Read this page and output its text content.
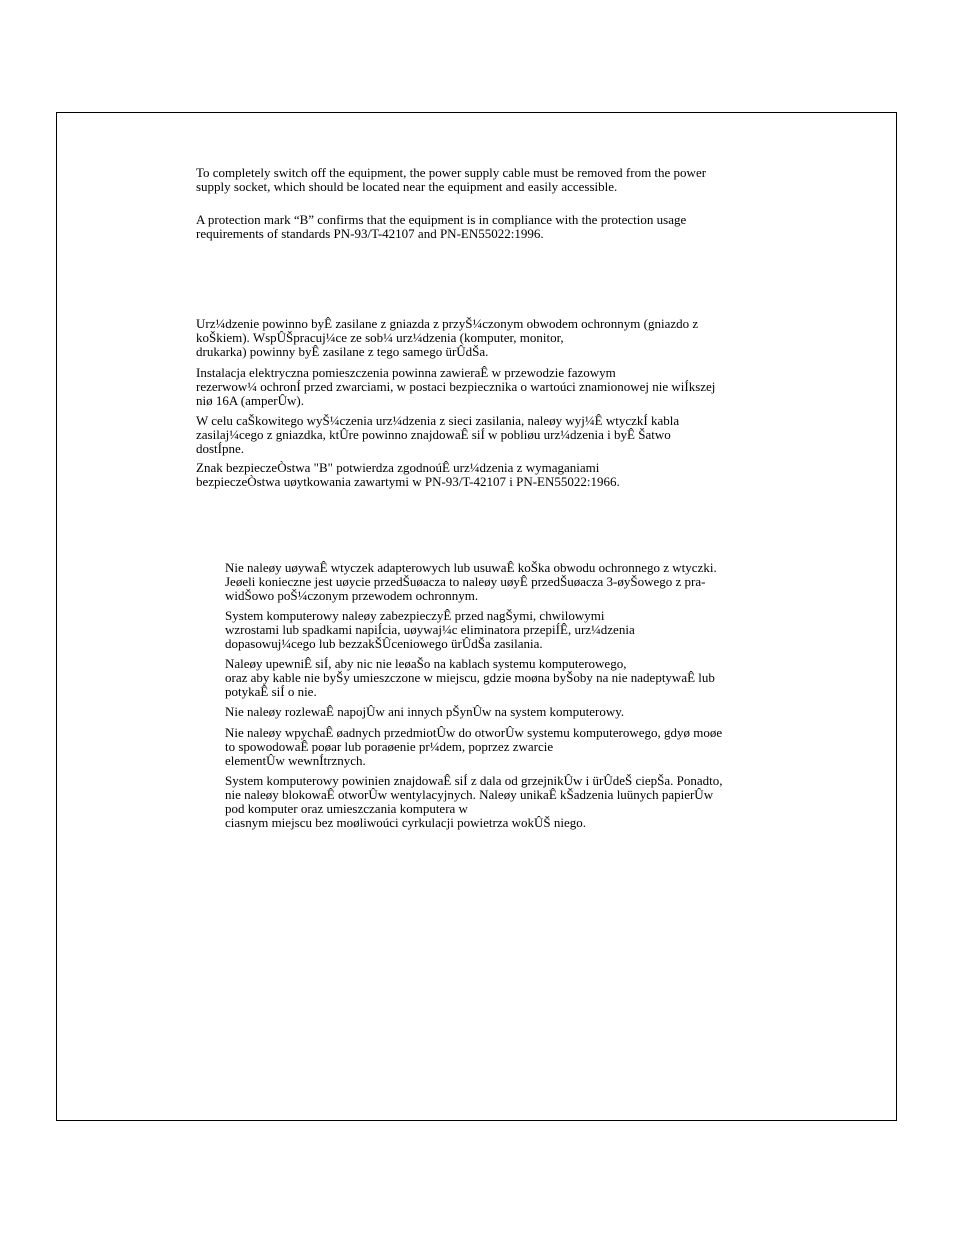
To completely switch off the equipment, the power supply cable must be removed from the power
supply socket, which should be located near the equipment and easily accessible.

A protection mark “B” confirms that the equipment is in compliance with the protection usage
requirements of standards PN-93/T-42107 and PN-EN55022:1996.

Urz¼dzenie powinno byÊ zasilane z gniazda z przyŠ¼czonym obwodem ochronnym (gniazdo z
koŠkiem). WspÛŠpracuj¼ce ze sob¼ urz¼dzenia (komputer, monitor,
drukarka) powinny byÊ zasilane z tego samego ürÛdŠa.

Instalacja elektryczna pomieszczenia powinna zawieraÊ w przewodzie fazowym
rezerwow¼ ochronÍ przed zwarciami, w postaci bezpiecznika o wartoúci znamionowej nie wiÍkszej
niø 16A (amperÛw).

W celu caŠkowitego wyŠ¼czenia urz¼dzenia z sieci zasilania, naleøy wyj¼Ê wtyczkÍ kabla
zasilaj¼cego z gniazdka, ktÛre powinno znajdowaÊ siÍ w pobliøu urz¼dzenia i byÊ Šatwo
dostÍpne.

Znak bezpieczeÒstwa "B" potwierdza zgodnoúÊ urz¼dzenia z wymaganiami
bezpieczeÒstwa uøytkowania zawartymi w PN-93/T-42107 i PN-EN55022:1966.

Nie naleøy uøywaÊ wtyczek adapterowych lub usuwaÊ koŠka obwodu ochronnego z wtyczki.
Jeøeli konieczne jest uøycie przedŠuøacza to naleøy uøyÊ przedŠuøacza 3-øyŠowego z pra-
widŠowo poŠ¼czonym przewodem ochronnym.

System komputerowy naleøy zabezpieczyÊ przed nagŠymi, chwilowymi
wzrostami lub spadkami napiÍcia, uøywaj¼c eliminatora przepiÍÊ, urz¼dzenia
dopasowuj¼cego lub bezzakŠÛceniowego ürÛdŠa zasilania.

Naleøy upewniÊ siÍ, aby nic nie leøaŠo na kablach systemu komputerowego,
oraz aby kable nie byŠy umieszczone w miejscu, gdzie moøna byŠoby na nie nadeptywaÊ lub
potykaÊ siÍ o nie.

Nie naleøy rozlewaÊ napojÛw ani innych pŠynÛw na system komputerowy.

Nie naleøy wpychaÊ øadnych przedmiotÛw do otworÛw systemu komputerowego, gdyø moøe
to spowodowaÊ poøar lub poraøenie pr¼dem, poprzez zwarcie
elementÛw wewnÍtrznych.

System komputerowy powinien znajdowaÊ siÍ z dala od grzejnikÛw i ürÛdeŠ ciepŠa. Ponadto,
nie naleøy blokowaÊ otworÛw wentylacyjnych. Naleøy unikaÊ kŠadzenia luünych papierÛw
pod komputer oraz umieszczania komputera w
ciasnym miejscu bez moøliwoúci cyrkulacji powietrza wokÛŠ niego.
